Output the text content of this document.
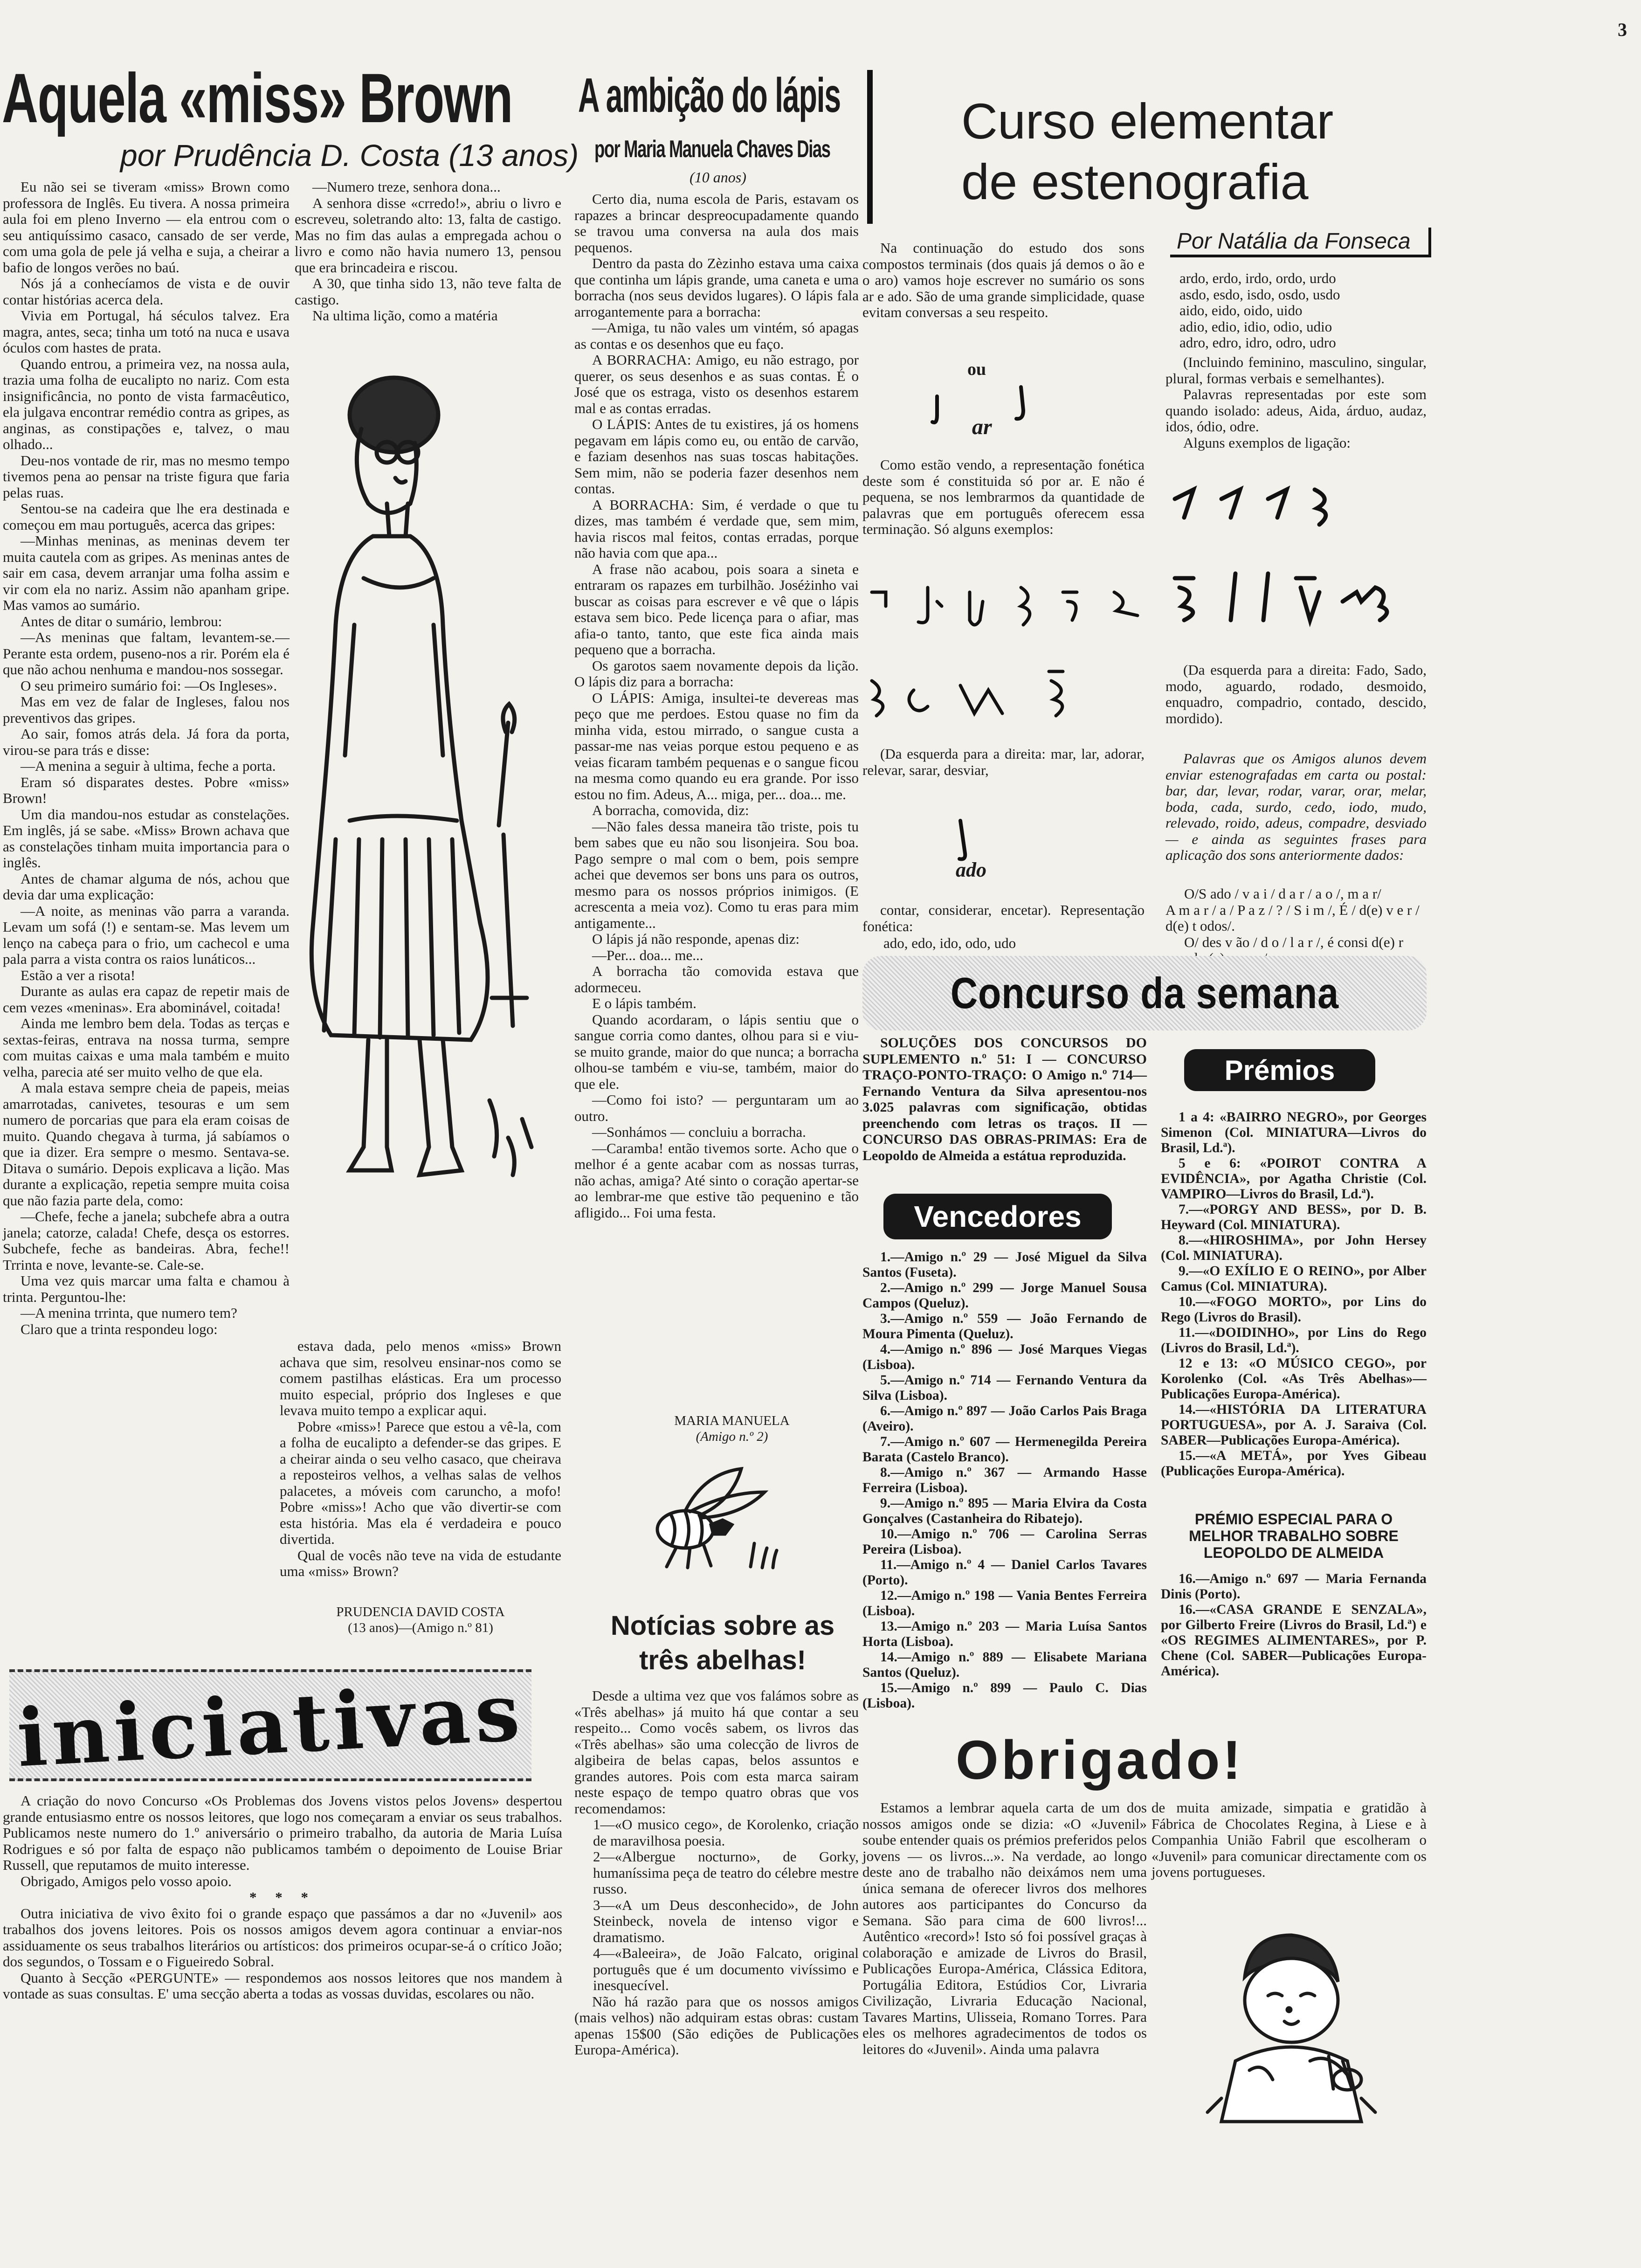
3
Aquela «miss» Brown
por Prudência D. Costa (13 anos)

Eu não sei se tiveram «miss» Brown como professora de Inglês. Eu tivera. A nossa primeira aula foi em pleno Inverno — ela entrou com o seu antiquíssimo casaco, cansado de ser verde, com uma gola de pele já velha e suja, a cheirar a bafio de longos verões no baú.

Nós já a conhecíamos de vista e de ouvir contar histórias acerca dela.

Vivia em Portugal, há séculos talvez. Era magra, antes, seca; tinha um totó na nuca e usava óculos com hastes de prata.

Quando entrou, a primeira vez, na nossa aula, trazia uma folha de eucalipto no nariz. Com esta insignificância, no ponto de vista farmacêutico, ela julgava encontrar remédio contra as gripes, as anginas, as constipações e, talvez, o mau olhado...

Deu-nos vontade de rir, mas no mesmo tempo tivemos pena ao pensar na triste figura que faria pelas ruas.

Sentou-se na cadeira que lhe era destinada e começou em mau português, acerca das gripes:

—Minhas meninas, as meninas devem ter muita cautela com as gripes. As meninas antes de sair em casa, devem arranjar uma folha assim e vir com ela no nariz. Assim não apanham gripe. Mas vamos ao sumário.

Antes de ditar o sumário, lembrou:

—As meninas que faltam, levantem-se.—Perante esta ordem, puseno-nos a rir. Porém ela é que não achou nenhuma e mandou-nos sossegar.

O seu primeiro sumário foi: —Os Ingleses».

Mas em vez de falar de Ingleses, falou nos preventivos das gripes.

Ao sair, fomos atrás dela. Já fora da porta, virou-se para trás e disse:

—A menina a seguir à ultima, feche a porta.

Eram só disparates destes. Pobre «miss» Brown!

Um dia mandou-nos estudar as constelações. Em inglês, já se sabe. «Miss» Brown achava que as constelações tinham muita importancia para o inglês.

Antes de chamar alguma de nós, achou que devia dar uma explicação:

—A noite, as meninas vão parra a varanda. Levam um sofá (!) e sentam-se. Mas levem um lenço na cabeça para o frio, um cachecol e uma pala parra a vista contra os raios lunáticos...

Estão a ver a risota!

Durante as aulas era capaz de repetir mais de cem vezes «meninas». Era abominável, coitada!

Ainda me lembro bem dela. Todas as terças e sextas-feiras, entrava na nossa turma, sempre com muitas caixas e uma mala também e muito velha, parecia até ser muito velho de que ela.

A mala estava sempre cheia de papeis, meias amarrotadas, canivetes, tesouras e um sem numero de porcarias que para ela eram coisas de muito. Quando chegava à turma, já sabíamos o que ia dizer. Era sempre o mesmo. Sentava-se. Ditava o sumário. Depois explicava a lição. Mas durante a explicação, repetia sempre muita coisa que não fazia parte dela, como:

—Chefe, feche a janela; subchefe abra a outra janela; catorze, calada! Chefe, desça os estorres. Subchefe, feche as bandeiras. Abra, feche!! Trrinta e nove, levante-se. Cale-se.

Uma vez quis marcar uma falta e chamou à trinta. Perguntou-lhe:

—A menina trrinta, que numero tem?

Claro que a trinta respondeu logo:

—Numero treze, senhora dona...

A senhora disse «crredo!», abriu o livro e escreveu, soletrando alto: 13, falta de castigo. Mas no fim das aulas a empregada achou o livro e como não havia numero 13, pensou que era brincadeira e riscou.

A 30, que tinha sido 13, não teve falta de castigo.

Na ultima lição, como a matéria

estava dada, pelo menos «miss» Brown achava que sim, resolveu ensinar-nos como se comem pastilhas elásticas. Era um processo muito especial, próprio dos Ingleses e que levava muito tempo a explicar aqui.

Pobre «miss»! Parece que estou a vê-la, com a folha de eucalipto a defender-se das gripes. E a cheirar ainda o seu velho casaco, que cheirava a reposteiros velhos, a velhas salas de velhos palacetes, a móveis com caruncho, a mofo! Pobre «miss»! Acho que vão divertir-se com esta história. Mas ela é verdadeira e pouco divertida.

Qual de vocês não teve na vida de estudante uma «miss» Brown?

PRUDENCIA DAVID COSTA
(13 anos)—(Amigo n.º 81)
iniciativas

A criação do novo Concurso «Os Problemas dos Jovens vistos pelos Jovens» despertou grande entusiasmo entre os nossos leitores, que logo nos começaram a enviar os seus trabalhos. Publicamos neste numero do 1.º aniversário o primeiro trabalho, da autoria de Maria Luísa Rodrigues e só por falta de espaço não publicamos também o depoimento de Louise Briar Russell, que reputamos de muito interesse.

Obrigado, Amigos pelo vosso apoio.

* * *

Outra iniciativa de vivo êxito foi o grande espaço que passámos a dar no «Juvenil» aos trabalhos dos jovens leitores. Pois os nossos amigos devem agora continuar a enviar-nos assiduamente os seus trabalhos literários ou artísticos: dos primeiros ocupar-se-á o crítico João; dos segundos, o Tossam e o Figueiredo Sobral.

Quanto à Secção «PERGUNTE» — respondemos aos nossos leitores que nos mandem à vontade as suas consultas. E' uma secção aberta a todas as vossas duvidas, escolares ou não.

A ambição do lápis
por Maria Manuela Chaves Dias
(10 anos)

Certo dia, numa escola de Paris, estavam os rapazes a brincar despreocupadamente quando se travou uma conversa na aula dos mais pequenos.

Dentro da pasta do Zèzinho estava uma caixa que continha um lápis grande, uma caneta e uma borracha (nos seus devidos lugares). O lápis fala arrogantemente para a borracha:

—Amiga, tu não vales um vintém, só apagas as contas e os desenhos que eu faço.

A BORRACHA: Amigo, eu não estrago, por querer, os seus desenhos e as suas contas. É o José que os estraga, visto os desenhos estarem mal e as contas erradas.

O LÁPIS: Antes de tu existires, já os homens pegavam em lápis como eu, ou então de carvão, e faziam desenhos nas suas toscas habitações. Sem mim, não se poderia fazer desenhos nem contas.

A BORRACHA: Sim, é verdade o que tu dizes, mas também é verdade que, sem mim, havia riscos mal feitos, contas erradas, porque não havia com que apa...

A frase não acabou, pois soara a sineta e entraram os rapazes em turbilhão. Joséżinho vai buscar as coisas para escrever e vê que o lápis estava sem bico. Pede licença para o afiar, mas afia-o tanto, tanto, que este fica ainda mais pequeno que a borracha.

Os garotos saem novamente depois da lição. O lápis diz para a borracha:

O LÁPIS: Amiga, insultei-te devereas mas peço que me perdoes. Estou quase no fim da minha vida, estou mirrado, o sangue custa a passar-me nas veias porque estou pequeno e as veias ficaram também pequenas e o sangue ficou na mesma como quando eu era grande. Por isso estou no fim. Adeus, A... miga, per... doa... me.

A borracha, comovida, diz:

—Não fales dessa maneira tão triste, pois tu bem sabes que eu não sou lisonjeira. Sou boa. Pago sempre o mal com o bem, pois sempre achei que devemos ser bons uns para os outros, mesmo para os nossos próprios inimigos. (E acrescenta a meia voz). Como tu eras para mim antigamente...

O lápis já não responde, apenas diz:

—Per... doa... me...

A borracha tão comovida estava que adormeceu.

E o lápis também.

Quando acordaram, o lápis sentiu que o sangue corria como dantes, olhou para si e viu-se muito grande, maior do que nunca; a borracha olhou-se também e viu-se, também, maior do que ele.

—Como foi isto? — perguntaram um ao outro.

—Sonhámos — concluiu a borracha.

—Caramba! então tivemos sorte. Acho que o melhor é a gente acabar com as nossas turras, não achas, amiga? Até sinto o coração apertar-se ao lembrar-me que estive tão pequenino e tão afligido... Foi uma festa.

MARIA MANUELA
(Amigo n.º 2)
Notícias sobre as três abelhas!

Desde a ultima vez que vos falámos sobre as «Três abelhas» já muito há que contar a seu respeito... Como vocês sabem, os livros das «Três abelhas» são uma colecção de livros de algibeira de belas capas, belos assuntos e grandes autores. Pois com esta marca sairam neste espaço de tempo quatro obras que vos recomendamos:

1—«O musico cego», de Korolenko, criação de maravilhosa poesia.

2—«Albergue nocturno», de Gorky, humaníssima peça de teatro do célebre mestre russo.

3—«A um Deus desconhecido», de John Steinbeck, novela de intenso vigor e dramatismo.

4—«Baleeira», de João Falcato, original português que é um documento vivíssimo e inesquecível.

Não há razão para que os nossos amigos (mais velhos) não adquiram estas obras: custam apenas 15$00 (São edições de Publicações Europa-América).

Curso elementar
de estenografia
Por Natália da Fonseca

Na continuação do estudo dos sons compostos terminais (dos quais já demos o ão e o aro) vamos hoje escrever no sumário os sons ar e ado. São de uma grande simplicidade, quase evitam conversas a seu respeito.

ou
ar

Como estão vendo, a representação fonética deste som é constituida só por ar. E não é pequena, se nos lembrarmos da quantidade de palavras que em português oferecem essa terminação. Só alguns exemplos:

(Da esquerda para a direita: mar, lar, adorar, relevar, sarar, desviar,

ado

contar, considerar, encetar). Representação fonética:

ado, edo, ido, odo, udo
ardo, erdo, irdo, ordo, urdo
asdo, esdo, isdo, osdo, usdo
aido, eido, oido, uido
adio, edio, idio, odio, udio
adro, edro, idro, odro, udro

(Incluindo feminino, masculino, singular, plural, formas verbais e semelhantes).

Palavras representadas por este som quando isolado: adeus, Aida, árduo, audaz, idos, ódio, odre.

Alguns exemplos de ligação:

(Da esquerda para a direita: Fado, Sado, modo, aguardo, rodado, desmoido, enquadro, compadrio, contado, descido, mordido).

Palavras que os Amigos alunos devem enviar estenografadas em carta ou postal: bar, dar, levar, rodar, varar, orar, melar, boda, cada, surdo, cedo, iodo, mudo, relevado, roido, adeus, compadre, desviado — e ainda as seguintes frases para aplicação dos sons anteriormente dados:

O/S ado / v a i / d a r / a o /, m a r/
A m a r / a / P a z / ? / S i m /, É / d(e) v e r / d(e) t odos/.
O/ des v ão / d o / l a r /, é consi d(e) r
Concurso da semana

SOLUÇÕES DOS CONCURSOS DO SUPLEMENTO n.º 51: I — CONCURSO TRAÇO-PONTO-TRAÇO: O Amigo n.º 714—Fernando Ventura da Silva apresentou-nos 3.025 palavras com significação, obtidas preenchendo com letras os traços. II — CONCURSO DAS OBRAS-PRIMAS: Era de Leopoldo de Almeida a estátua reproduzida.

Vencedores

1.—Amigo n.º 29 — José Miguel da Silva Santos (Fuseta).

2.—Amigo n.º 299 — Jorge Manuel Sousa Campos (Queluz).

3.—Amigo n.º 559 — João Fernando de Moura Pimenta (Queluz).

4.—Amigo n.º 896 — José Marques Viegas (Lisboa).

5.—Amigo n.º 714 — Fernando Ventura da Silva (Lisboa).

6.—Amigo n.º 897 — João Carlos Pais Braga (Aveiro).

7.—Amigo n.º 607 — Hermenegilda Pereira Barata (Castelo Branco).

8.—Amigo n.º 367 — Armando Hasse Ferreira (Lisboa).

9.—Amigo n.º 895 — Maria Elvira da Costa Gonçalves (Castanheira do Ribatejo).

10.—Amigo n.º 706 — Carolina Serras Pereira (Lisboa).

11.—Amigo n.º 4 — Daniel Carlos Tavares (Porto).

12.—Amigo n.º 198 — Vania Bentes Ferreira (Lisboa).

13.—Amigo n.º 203 — Maria Luísa Santos Horta (Lisboa).

14.—Amigo n.º 889 — Elisabete Mariana Santos (Queluz).

15.—Amigo n.º 899 — Paulo C. Dias (Lisboa).

Prémios

1 a 4: «BAIRRO NEGRO», por Georges Simenon (Col. MINIATURA—Livros do Brasil, Ld.ª).

5 e 6: «POIROT CONTRA A EVIDÊNCIA», por Agatha Christie (Col. VAMPIRO—Livros do Brasil, Ld.ª).

7.—«PORGY AND BESS», por D. B. Heyward (Col. MINIATURA).

8.—«HIROSHIMA», por John Hersey (Col. MINIATURA).

9.—«O EXÍLIO E O REINO», por Alber Camus (Col. MINIATURA).

10.—«FOGO MORTO», por Lins do Rego (Livros do Brasil).

11.—«DOIDINHO», por Lins do Rego (Livros do Brasil, Ld.ª).

12 e 13: «O MÚSICO CEGO», por Korolenko (Col. «As Três Abelhas»—Publicações Europa-América).

14.—«HISTÓRIA DA LITERATURA PORTUGUESA», por A. J. Saraiva (Col. SABER—Publicações Europa-América).

15.—«A METÁ», por Yves Gibeau (Publicações Europa-América).

PRÉMIO ESPECIAL PARA O MELHOR TRABALHO SOBRE LEOPOLDO DE ALMEIDA

16.—Amigo n.º 697 — Maria Fernanda Dinis (Porto).

16.—«CASA GRANDE E SENZALA», por Gilberto Freire (Livros do Brasil, Ld.ª) e «OS REGIMES ALIMENTARES», por P. Chene (Col. SABER—Publicações Europa-América).

Obrigado!

Estamos a lembrar aquela carta de um dos nossos amigos onde se dizia: «O «Juvenil» soube entender quais os prémios preferidos pelos jovens — os livros...». Na verdade, ao longo deste ano de trabalho não deixámos nem uma única semana de oferecer livros dos melhores autores aos participantes do Concurso da Semana. São para cima de 600 livros!... Autêntico «record»! Isto só foi possível graças à colaboração e amizade de Livros do Brasil, Publicações Europa-América, Clássica Editora, Portugália Editora, Estúdios Cor, Livraria Civilização, Livraria Educação Nacional, Tavares Martins, Ulisseia, Romano Torres. Para eles os melhores agradecimentos de todos os leitores do «Juvenil». Ainda uma palavra

de muita amizade, simpatia e gratidão à Fábrica de Chocolates Regina, à Liese e à Companhia União Fabril que escolheram o «Juvenil» para comunicar directamente com os jovens portugueses.
